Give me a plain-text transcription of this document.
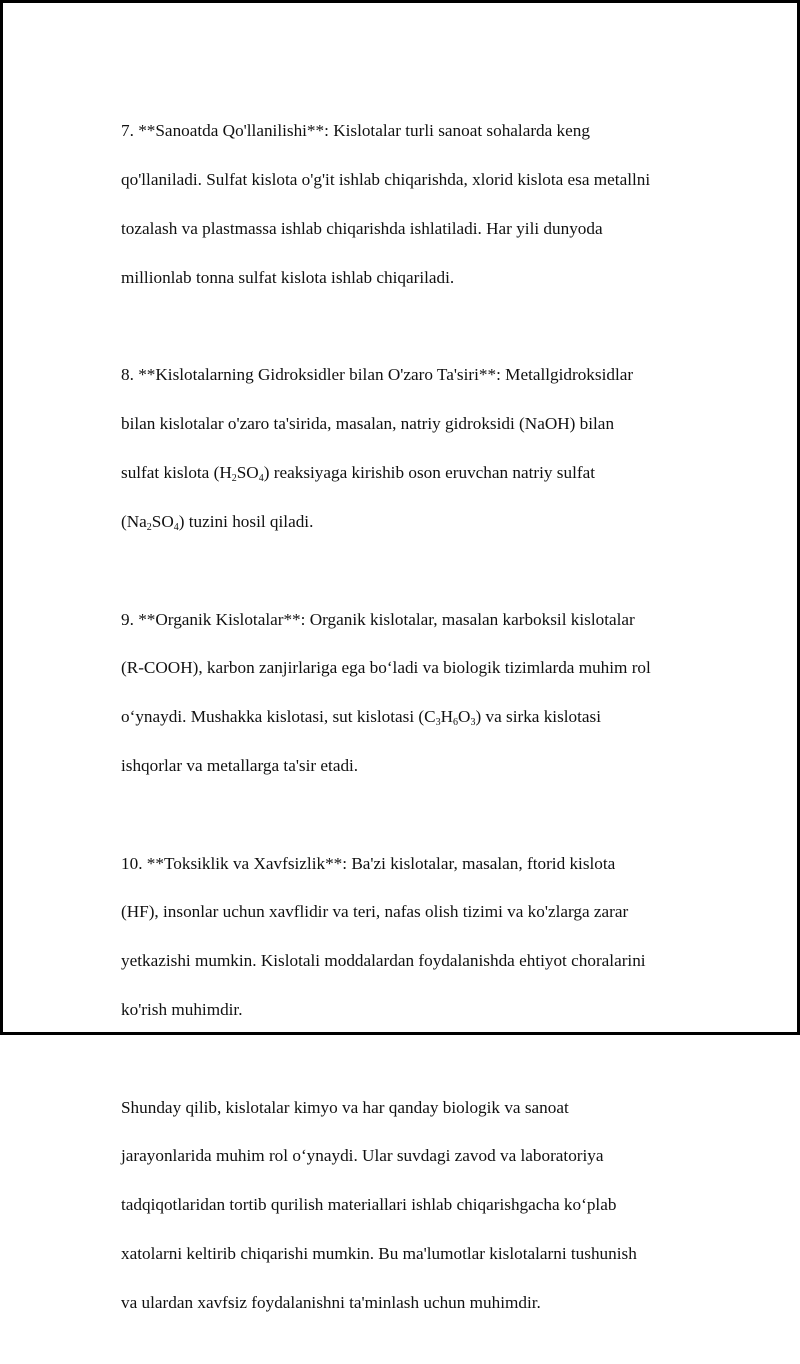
7. **Sanoatda Qo'llanilishi**: Kislotalar turli sanoat sohalarda keng

qo'llaniladi. Sulfat kislota o'g'it ishlab chiqarishda, xlorid kislota esa metallni

tozalash va plastmassa ishlab chiqarishda ishlatiladi. Har yili dunyoda

millionlab tonna sulfat kislota ishlab chiqariladi.

8. **Kislotalarning Gidroksidler bilan O'zaro Ta'siri**: Metallgidroksidlar

bilan kislotalar o'zaro ta'sirida, masalan, natriy gidroksidi (NaOH) bilan

sulfat kislota $(H_2SO_4)$ reaksiyaga kirishib oson eruvchan natriy sulfat

$(Na_2SO_4)$ tuzini hosil qiladi.

9. **Organik Kislotalar**: Organik kislotalar, masalan karboksil kislotalar

(R-COOH), karbon zanjirlariga ega bo‘ladi va biologik tizimlarda muhim rol

o‘ynaydi. Mushakka kislotasi, sut kislotasi $(C_3H_6O_3)$ va sirka kislotasi

ishqorlar va metallarga ta'sir etadi.

10. **Toksiklik va Xavfsizlik**: Ba'zi kislotalar, masalan, ftorid kislota

(HF), insonlar uchun xavflidir va teri, nafas olish tizimi va ko'zlarga zarar

yetkazishi mumkin. Kislotali moddalardan foydalanishda ehtiyot choralarini

ko'rish muhimdir.

Shunday qilib, kislotalar kimyo va har qanday biologik va sanoat

jarayonlarida muhim rol o‘ynaydi. Ular suvdagi zavod va laboratoriya

tadqiqotlaridan tortib qurilish materiallari ishlab chiqarishgacha ko‘plab

xatolarni keltirib chiqarishi mumkin. Bu ma'lumotlar kislotalarni tushunish

va ulardan xavfsiz foydalanishni ta'minlash uchun muhimdir.
